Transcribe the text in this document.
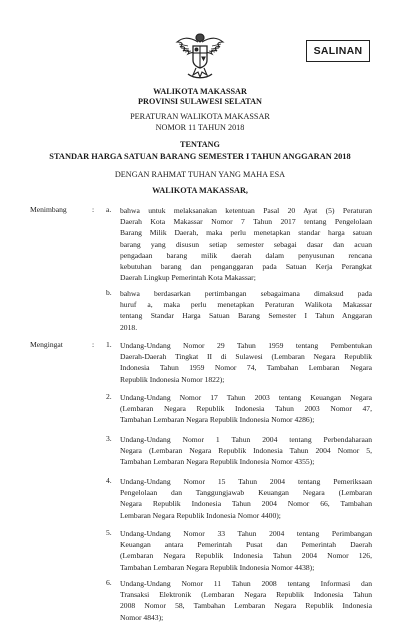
SALINAN
WALIKOTA MAKASSAR
PROVINSI SULAWESI SELATAN
PERATURAN WALIKOTA MAKASSAR
NOMOR 11 TAHUN 2018
TENTANG
STANDAR HARGA SATUAN BARANG SEMESTER I TAHUN ANGGARAN 2018
DENGAN RAHMAT TUHAN YANG MAHA ESA
WALIKOTA MAKASSAR,
Menimbang	: a. bahwa untuk melaksanakan ketentuan Pasal 20 Ayat (5) Peraturan
Daerah Kota Makassar Nomor 7 Tahun 2017 tentang Pengelolaan
Barang Milik Daerah, maka perlu menetapkan standar harga satuan
barang yang disusun setiap semester sebagai dasar dan acuan
pengadaan barang milik daerah dalam penyusunan rencana
kebutuhan barang dan penganggaran pada Satuan Kerja Perangkat
Daerah Lingkup Pemerintah Kota Makassar;
b. bahwa berdasarkan pertimbangan sebagaimana dimaksud pada
huruf a, maka perlu menetapkan Peraturan Walikota Makassar
tentang Standar Harga Satuan Barang Semester I Tahun Anggaran
2018.
Mengingat	: 1. Undang-Undang Nomor 29 Tahun 1959 tentang Pembentukan
Daerah-Daerah Tingkat II di Sulawesi (Lembaran Negara Republik
Indonesia Tahun 1959 Nomor 74, Tambahan Lembaran Negara
Republik Indonesia Nomor 1822);
2. Undang-Undang Nomor 17 Tahun 2003 tentang Keuangan Negara
(Lembaran Negara Republik Indonesia Tahun 2003 Nomor 47,
Tambahan Lembaran Negara Republik Indonesia Nomor 4286);
3. Undang-Undang Nomor 1 Tahun 2004 tentang Perbendaharaan
Negara (Lembaran Negara Republik Indonesia Tahun 2004 Nomor 5,
Tambahan Lembaran Negara Republik Indonesia Nomor 4355);
4. Undang-Undang Nomor 15 Tahun 2004 tentang Pemeriksaan
Pengelolaan dan Tanggungjawab Keuangan Negara (Lembaran
Negara Republik Indonesia Tahun 2004 Nomor 66, Tambahan
Lembaran Negara Republik Indonesia Nomor 4400);
5. Undang-Undang Nomor 33 Tahun 2004 tentang Perimbangan
Keuangan antara Pemerintah Pusat dan Pemerintah Daerah
(Lembaran Negara Republik Indonesia Tahun 2004 Nomor 126,
Tambahan Lembaran Negara Republik Indonesia Nomor 4438);
6. Undang-Undang Nomor 11 Tahun 2008 tentang Informasi dan
Transaksi Elektronik (Lembaran Negara Republik Indonesia Tahun
2008 Nomor 58, Tambahan Lembaran Negara Republik Indonesia
Nomor 4843);
